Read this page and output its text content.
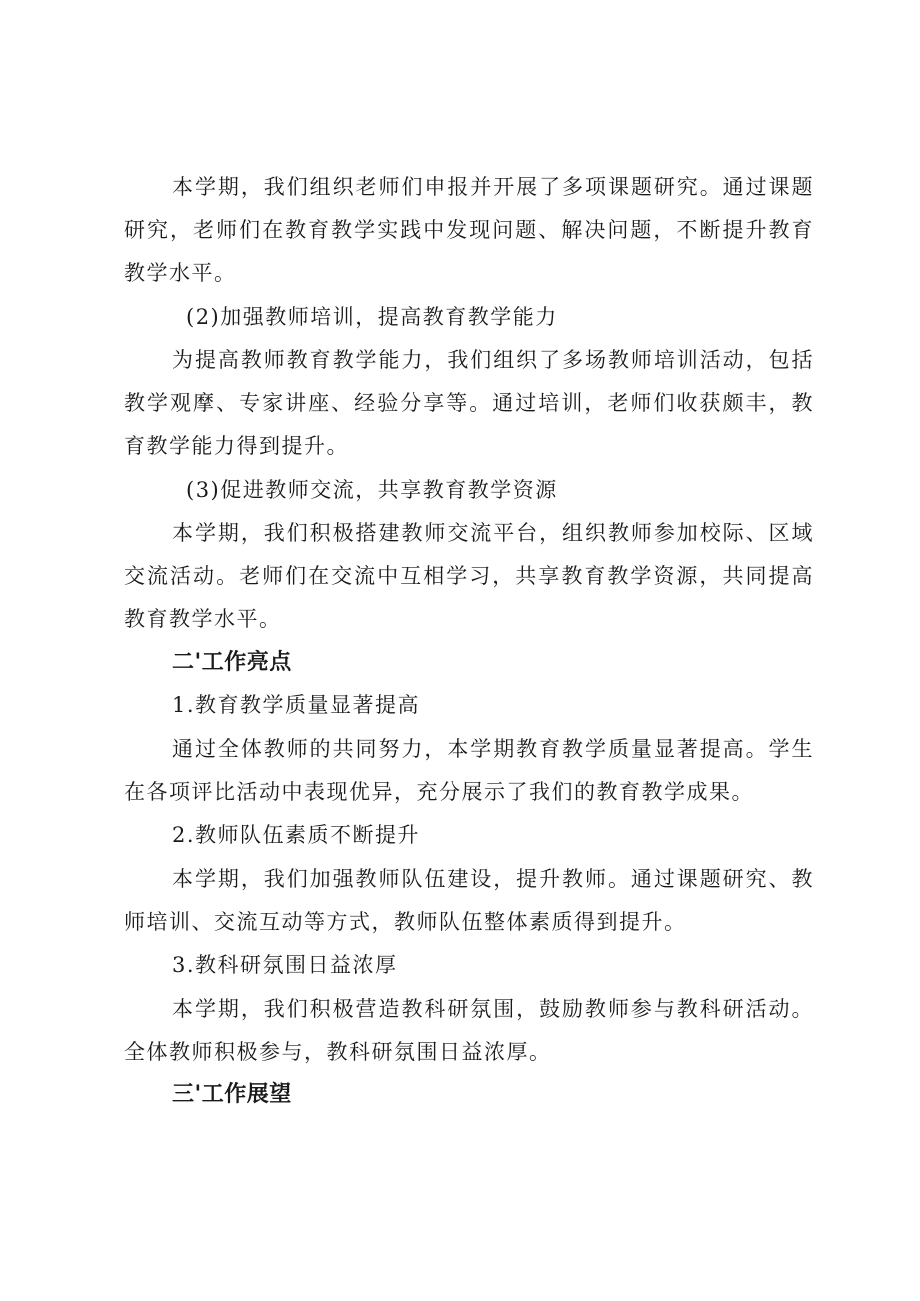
本学期，我们组织老师们申报并开展了多项课题研究。通过课题
研究，老师们在教育教学实践中发现问题、解决问题，不断提升教育
教学水平。
(2)加强教师培训，提高教育教学能力
为提高教师教育教学能力，我们组织了多场教师培训活动，包括
教学观摩、专家讲座、经验分享等。通过培训，老师们收获颇丰，教
育教学能力得到提升。
(3)促进教师交流，共享教育教学资源
本学期，我们积极搭建教师交流平台，组织教师参加校际、区域
交流活动。老师们在交流中互相学习，共享教育教学资源，共同提高
教育教学水平。
二'工作亮点
1.教育教学质量显著提高
通过全体教师的共同努力，本学期教育教学质量显著提高。学生
在各项评比活动中表现优异，充分展示了我们的教育教学成果。
2.教师队伍素质不断提升
本学期，我们加强教师队伍建设，提升教师。通过课题研究、教
师培训、交流互动等方式，教师队伍整体素质得到提升。
3.教科研氛围日益浓厚
本学期，我们积极营造教科研氛围，鼓励教师参与教科研活动。
全体教师积极参与，教科研氛围日益浓厚。
三'工作展望
